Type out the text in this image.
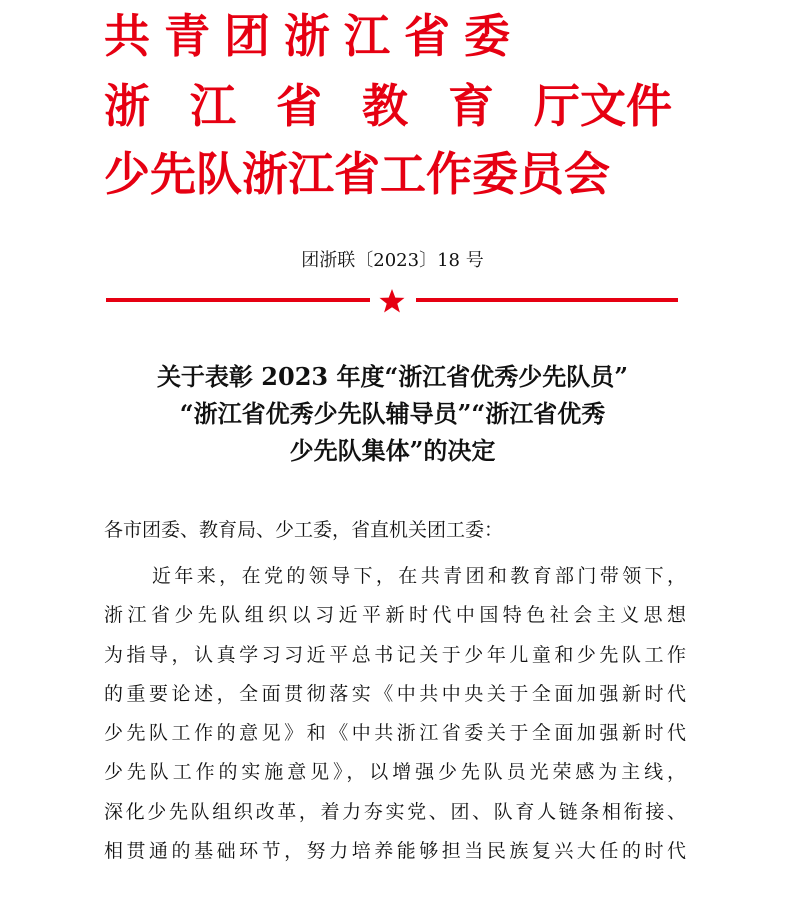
共青团浙江省委
浙 江 省 教 育 厅文件
少先队浙江省工作委员会
团浙联〔2023〕18 号
关于表彰 2023 年度“浙江省优秀少先队员”
“浙江省优秀少先队辅导员”“浙江省优秀
少先队集体”的决定
各市团委、教育局、少工委，省直机关团工委：
近年来，在党的领导下，在共青团和教育部门带领下，
浙江省少先队组织以习近平新时代中国特色社会主义思想
为指导，认真学习习近平总书记关于少年儿童和少先队工作
的重要论述，全面贯彻落实《中共中央关于全面加强新时代
少先队工作的意见》和《中共浙江省委关于全面加强新时代
少先队工作的实施意见》，以增强少先队员光荣感为主线，
深化少先队组织改革，着力夯实党、团、队育人链条相衔接、
相贯通的基础环节，努力培养能够担当民族复兴大任的时代
